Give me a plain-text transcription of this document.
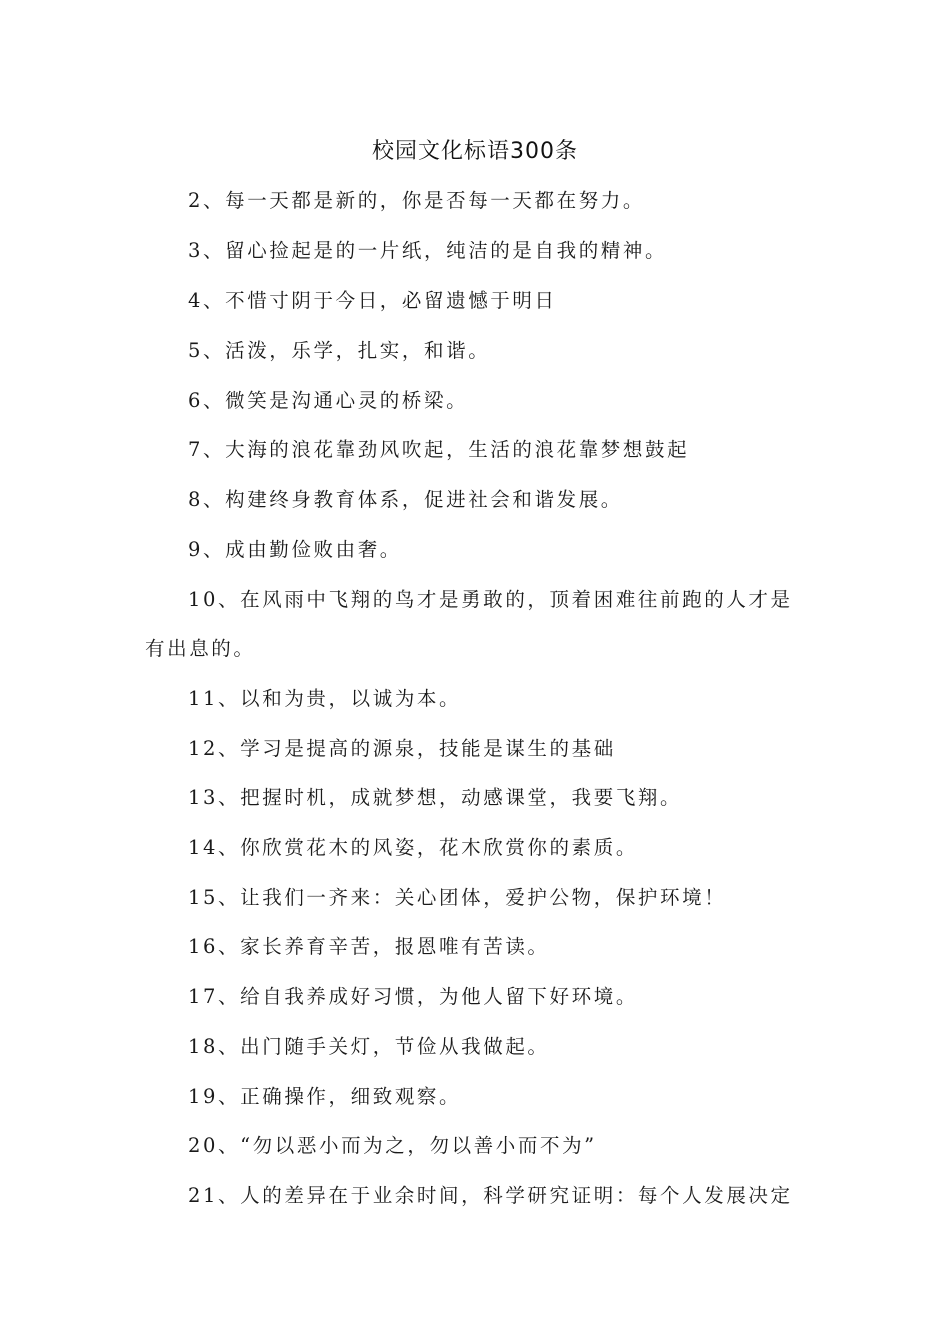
校园文化标语300条
2、每一天都是新的，你是否每一天都在努力。
3、留心捡起是的一片纸，纯洁的是自我的精神。
4、不惜寸阴于今日，必留遗憾于明日
5、活泼，乐学，扎实，和谐。
6、微笑是沟通心灵的桥梁。
7、大海的浪花靠劲风吹起，生活的浪花靠梦想鼓起
8、构建终身教育体系，促进社会和谐发展。
9、成由勤俭败由奢。
10、在风雨中飞翔的鸟才是勇敢的，顶着困难往前跑的人才是
有出息的。
11、以和为贵，以诚为本。
12、学习是提高的源泉，技能是谋生的基础
13、把握时机，成就梦想，动感课堂，我要飞翔。
14、你欣赏花木的风姿，花木欣赏你的素质。
15、让我们一齐来：关心团体，爱护公物，保护环境！
16、家长养育辛苦，报恩唯有苦读。
17、给自我养成好习惯，为他人留下好环境。
18、出门随手关灯，节俭从我做起。
19、正确操作，细致观察。
20、“勿以恶小而为之，勿以善小而不为”
21、人的差异在于业余时间，科学研究证明：每个人发展决定
